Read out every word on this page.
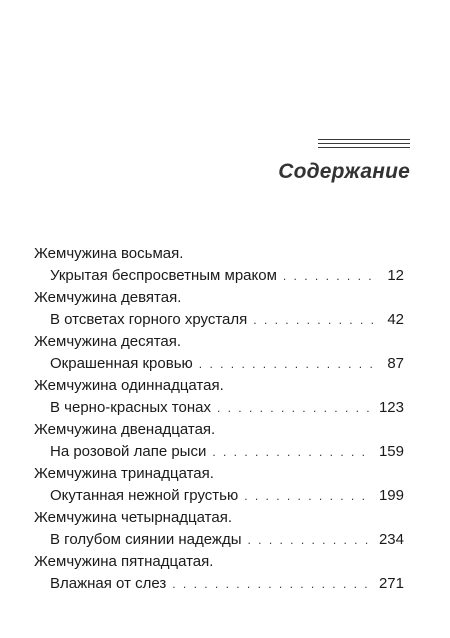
Содержание
Жемчужина восьмая.
Укрытая беспросветным мраком . . .	12
Жемчужина девятая.
В отсветах горного хрусталя . . .	42
Жемчужина десятая.
Окрашенная кровью . . .	87
Жемчужина одиннадцатая.
В черно-красных тонах . . .	123
Жемчужина двенадцатая.
На розовой лапе рыси . . .	159
Жемчужина тринадцатая.
Окутанная нежной грустью . . .	199
Жемчужина четырнадцатая.
В голубом сиянии надежды . . .	234
Жемчужина пятнадцатая.
Влажная от слез . . .	271
